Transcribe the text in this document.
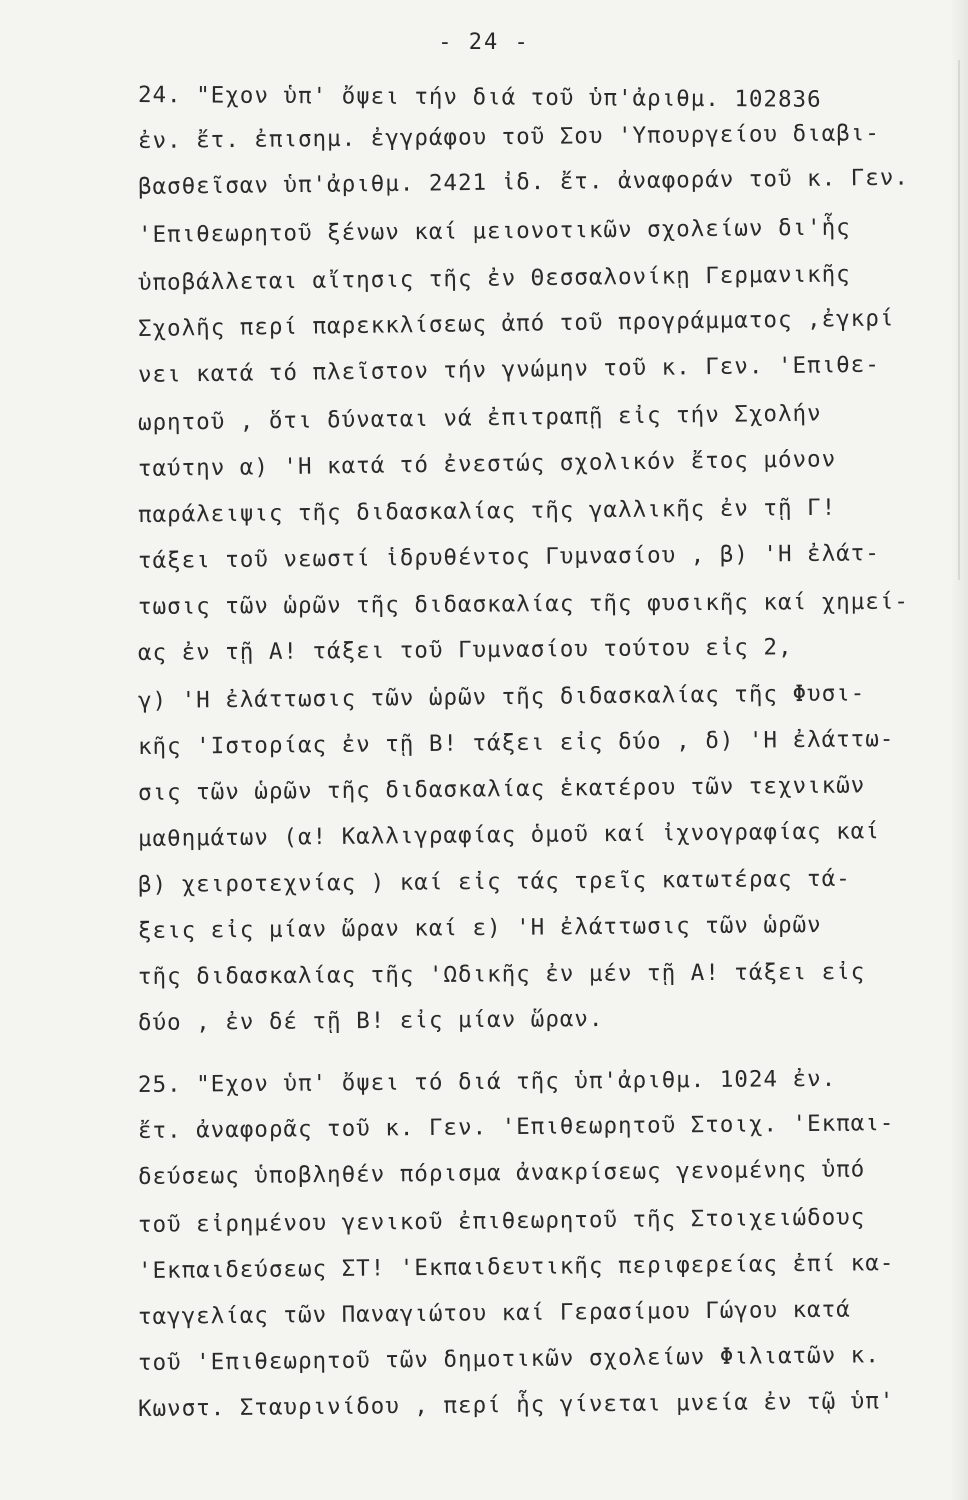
- 24 -
24. "Εχον ὑπ' ὄψει τήν διά τοῦ ὑπ'ἀριθμ. 102836
ἐν. ἔτ. ἐπισημ. ἐγγράφου τοῦ Σου 'Υπουργείου διαβι-
βασθεῖσαν ὑπ'ἀριθμ. 2421 ἰδ. ἔτ. ἀναφοράν τοῦ κ. Γεν.
'Επιθεωρητοῦ ξένων καί μειονοτικῶν σχολείων δι'ἧς
ὑποβάλλεται αἴτησις τῆς ἐν Θεσσαλονίκῃ Γερμανικῆς
Σχολῆς περί παρεκκλίσεως ἀπό τοῦ προγράμματος ,ἐγκρί
νει κατά τό πλεῖστον τήν γνώμην τοῦ κ. Γεν. 'Επιθε-
ωρητοῦ , ὅτι δύναται νά ἐπιτραπῇ εἰς τήν Σχολήν
ταύτην α) 'Η κατά τό ἐνεστώς σχολικόν ἔτος μόνον
παράλειψις τῆς διδασκαλίας τῆς γαλλικῆς ἐν τῇ Γ!
τάξει τοῦ νεωστί ἱδρυθέντος Γυμνασίου , β) 'Η ἐλάτ-
τωσις τῶν ὡρῶν τῆς διδασκαλίας τῆς φυσικῆς καί χημεί-
ας ἐν τῇ Α! τάξει τοῦ Γυμνασίου τούτου εἰς 2,
γ) 'Η ἐλάττωσις τῶν ὡρῶν τῆς διδασκαλίας τῆς Φυσι-
κῆς 'Ιστορίας ἐν τῇ Β! τάξει εἰς δύο , δ) 'Η ἐλάττω-
σις τῶν ὡρῶν τῆς διδασκαλίας ἑκατέρου τῶν τεχνικῶν
μαθημάτων (α! Καλλιγραφίας ὁμοῦ καί ἰχνογραφίας καί
β) χειροτεχνίας ) καί εἰς τάς τρεῖς κατωτέρας τά-
ξεις εἰς μίαν ὥραν καί ε) 'Η ἐλάττωσις τῶν ὡρῶν
τῆς διδασκαλίας τῆς 'Ωδικῆς ἐν μέν τῇ Α! τάξει εἰς
δύο , ἐν δέ τῇ Β! εἰς μίαν ὥραν.
25. "Εχον ὑπ' ὄψει τό διά τῆς ὑπ'ἀριθμ. 1024 ἐν.
ἔτ. ἀναφορᾶς τοῦ κ. Γεν. 'Επιθεωρητοῦ Στοιχ. 'Εκπαι-
δεύσεως ὑποβληθέν πόρισμα ἀνακρίσεως γενομένης ὑπό
τοῦ εἰρημένου γενικοῦ ἐπιθεωρητοῦ τῆς Στοιχειώδους
'Εκπαιδεύσεως ΣΤ! 'Εκπαιδευτικῆς περιφερείας ἐπί κα-
ταγγελίας τῶν Παναγιώτου καί Γερασίμου Γώγου κατά
τοῦ 'Επιθεωρητοῦ τῶν δημοτικῶν σχολείων Φιλιατῶν κ.
Κωνστ. Σταυρινίδου , περί ἧς γίνεται μνεία ἐν τῷ ὑπ'
